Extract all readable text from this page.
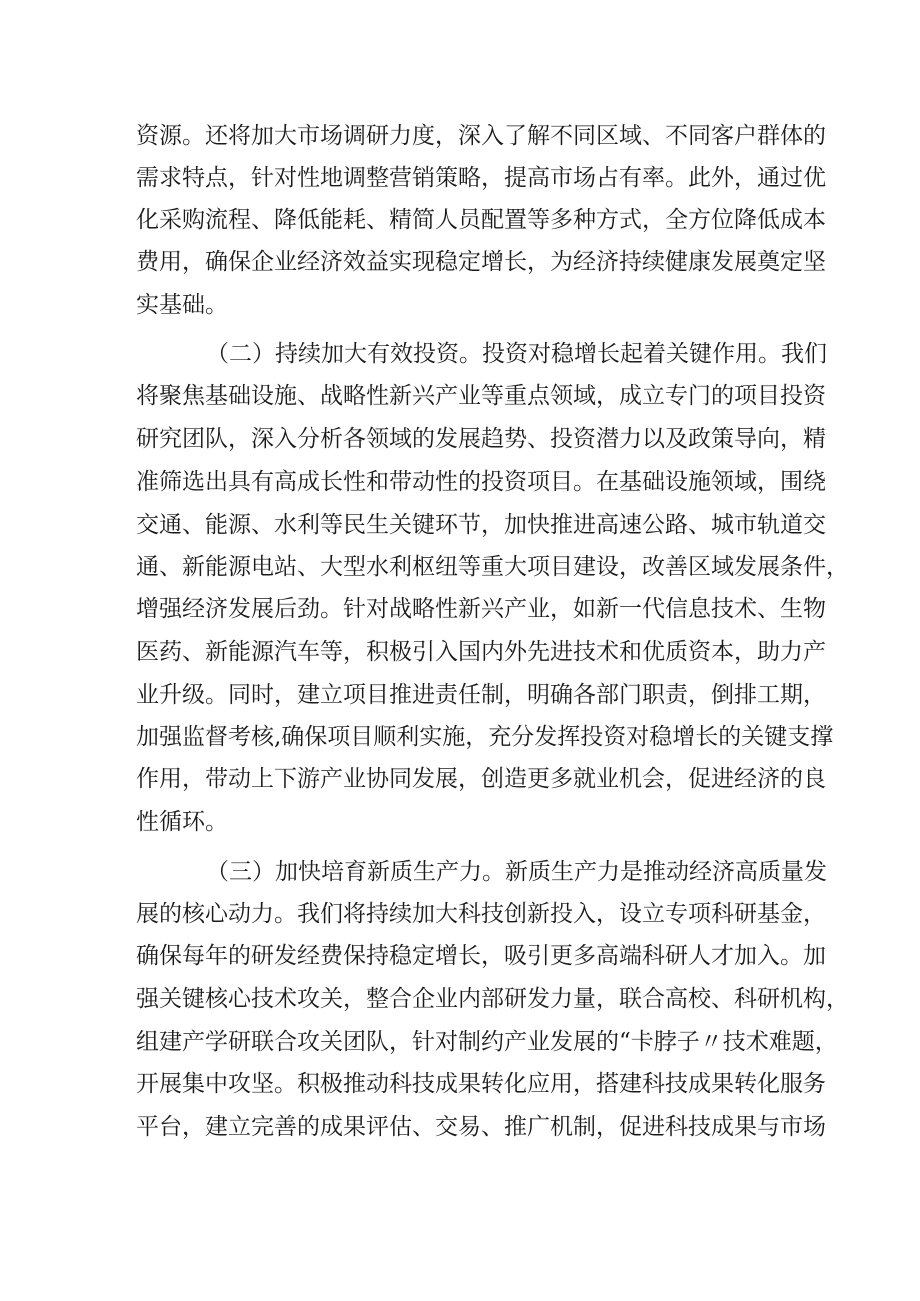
资源。还将加大市场调研力度，深入了解不同区域、不同客户群体的
需求特点，针对性地调整营销策略，提高市场占有率。此外，通过优
化采购流程、降低能耗、精简人员配置等多种方式，全方位降低成本
费用，确保企业经济效益实现稳定增长，为经济持续健康发展奠定坚
实基础。
（二）持续加大有效投资。投资对稳增长起着关键作用。我们
将聚焦基础设施、战略性新兴产业等重点领域，成立专门的项目投资
研究团队，深入分析各领域的发展趋势、投资潜力以及政策导向，精
准筛选出具有高成长性和带动性的投资项目。在基础设施领域，围绕
交通、能源、水利等民生关键环节，加快推进高速公路、城市轨道交
通、新能源电站、大型水利枢纽等重大项目建设，改善区域发展条件，
增强经济发展后劲。针对战略性新兴产业，如新一代信息技术、生物
医药、新能源汽车等，积极引入国内外先进技术和优质资本，助力产
业升级。同时，建立项目推进责任制，明确各部门职责，倒排工期，
加强监督考核,确保项目顺利实施，充分发挥投资对稳增长的关键支撑
作用，带动上下游产业协同发展，创造更多就业机会，促进经济的良
性循环。
（三）加快培育新质生产力。新质生产力是推动经济高质量发
展的核心动力。我们将持续加大科技创新投入，设立专项科研基金，
确保每年的研发经费保持稳定增长，吸引更多高端科研人才加入。加
强关键核心技术攻关，整合企业内部研发力量，联合高校、科研机构，
组建产学研联合攻关团队，针对制约产业发展的“卡脖子〃技术难题，
开展集中攻坚。积极推动科技成果转化应用，搭建科技成果转化服务
平台，建立完善的成果评估、交易、推广机制，促进科技成果与市场
